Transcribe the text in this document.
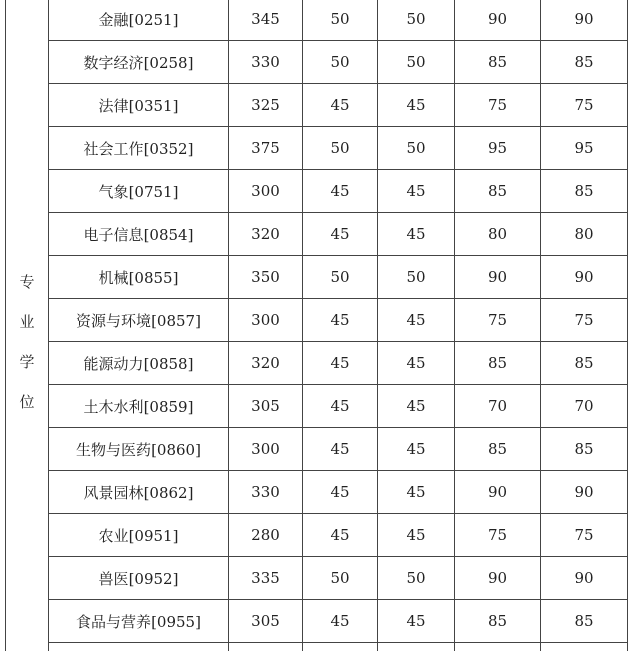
专业学位	金融[0251]	345	50	50	90	90
	数字经济[0258]	330	50	50	85	85
	法律[0351]	325	45	45	75	75
	社会工作[0352]	375	50	50	95	95
	气象[0751]	300	45	45	85	85
	电子信息[0854]	320	45	45	80	80
	机械[0855]	350	50	50	90	90
	资源与环境[0857]	300	45	45	75	75
	能源动力[0858]	320	45	45	85	85
	土木水利[0859]	305	45	45	70	70
	生物与医药[0860]	300	45	45	85	85
	风景园林[0862]	330	45	45	90	90
	农业[0951]	280	45	45	75	75
	兽医[0952]	335	50	50	90	90
	食品与营养[0955]	305	45	45	85	85
